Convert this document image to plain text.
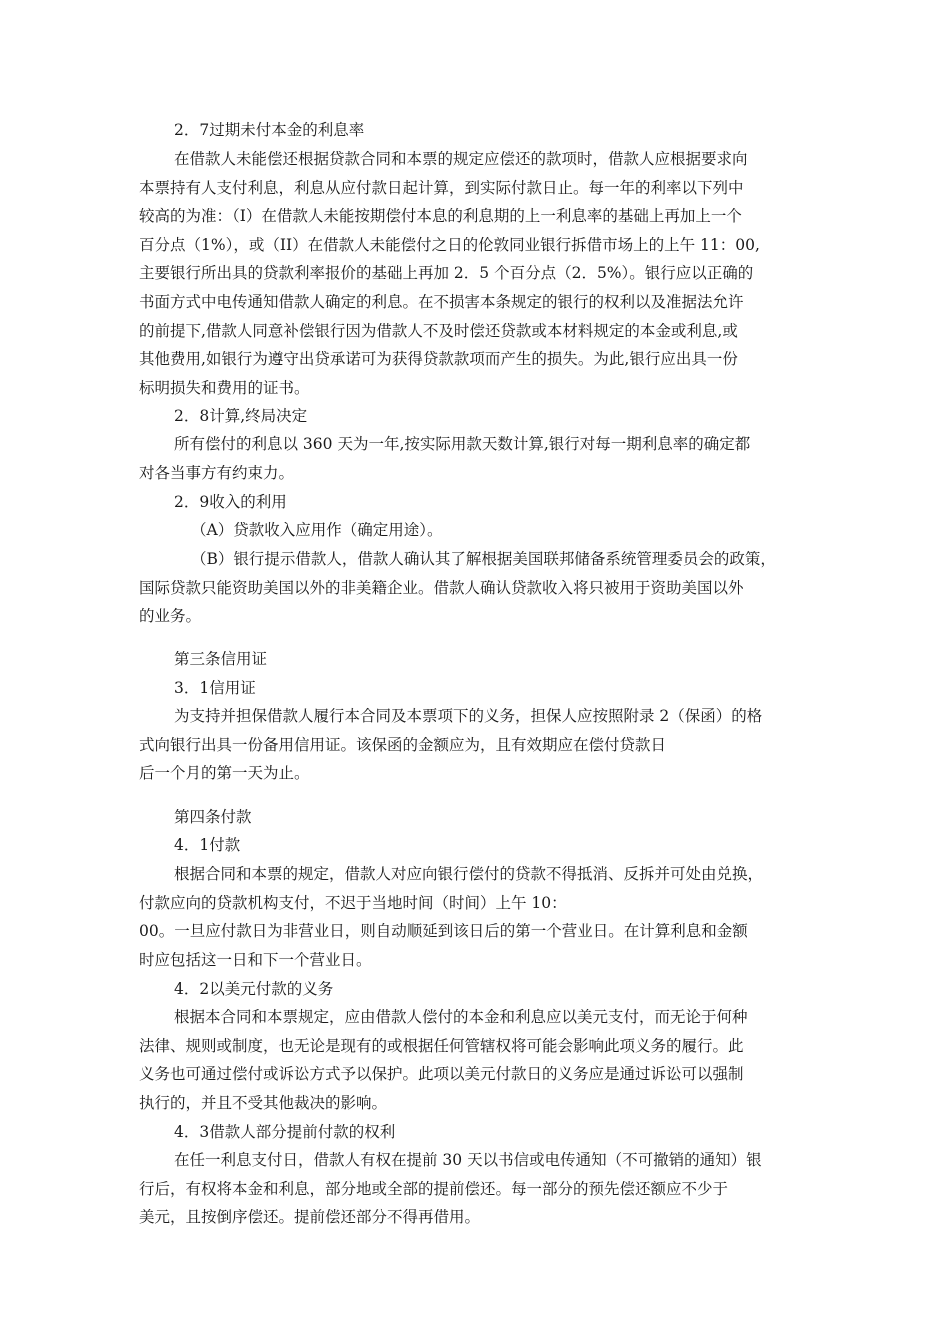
2．7过期未付本金的利息率
在借款人未能偿还根据贷款合同和本票的规定应偿还的款项时，借款人应根据要求向
本票持有人支付利息，利息从应付款日起计算，到实际付款日止。每一年的利率以下列中
较高的为准：（I）在借款人未能按期偿付本息的利息期的上一利息率的基础上再加上一个
百分点（1%），或（II）在借款人未能偿付之日的伦敦同业银行拆借市场上的上午 11：00,
主要银行所出具的贷款利率报价的基础上再加 2．5 个百分点（2．5%）。银行应以正确的
书面方式中电传通知借款人确定的利息。在不损害本条规定的银行的权利以及准据法允许
的前提下,借款人同意补偿银行因为借款人不及时偿还贷款或本材料规定的本金或利息,或
其他费用,如银行为遵守出贷承诺可为获得贷款款项而产生的损失。为此,银行应出具一份
标明损失和费用的证书。
2．8计算,终局决定
所有偿付的利息以 360 天为一年,按实际用款天数计算,银行对每一期利息率的确定都
对各当事方有约束力。
2．9收入的利用
（A）贷款收入应用作（确定用途）。
（B）银行提示借款人，借款人确认其了解根据美国联邦储备系统管理委员会的政策，
国际贷款只能资助美国以外的非美籍企业。借款人确认贷款收入将只被用于资助美国以外
的业务。
第三条信用证
3．1信用证
为支持并担保借款人履行本合同及本票项下的义务，担保人应按照附录 2（保函）的格
式向银行出具一份备用信用证。该保函的金额应为，且有效期应在偿付贷款日
后一个月的第一天为止。
第四条付款
4．1付款
根据合同和本票的规定，借款人对应向银行偿付的贷款不得抵消、反拆并可处由兑换，
付款应向的贷款机构支付，不迟于当地时间（时间）上午 10：
00。一旦应付款日为非营业日，则自动顺延到该日后的第一个营业日。在计算利息和金额
时应包括这一日和下一个营业日。
4．2以美元付款的义务
根据本合同和本票规定，应由借款人偿付的本金和利息应以美元支付，而无论于何种
法律、规则或制度，也无论是现有的或根据任何管辖权将可能会影响此项义务的履行。此
义务也可通过偿付或诉讼方式予以保护。此项以美元付款日的义务应是通过诉讼可以强制
执行的，并且不受其他裁决的影响。
4．3借款人部分提前付款的权利
在任一利息支付日，借款人有权在提前 30 天以书信或电传通知（不可撤销的通知）银
行后，有权将本金和利息，部分地或全部的提前偿还。每一部分的预先偿还额应不少于
美元，且按倒序偿还。提前偿还部分不得再借用。
